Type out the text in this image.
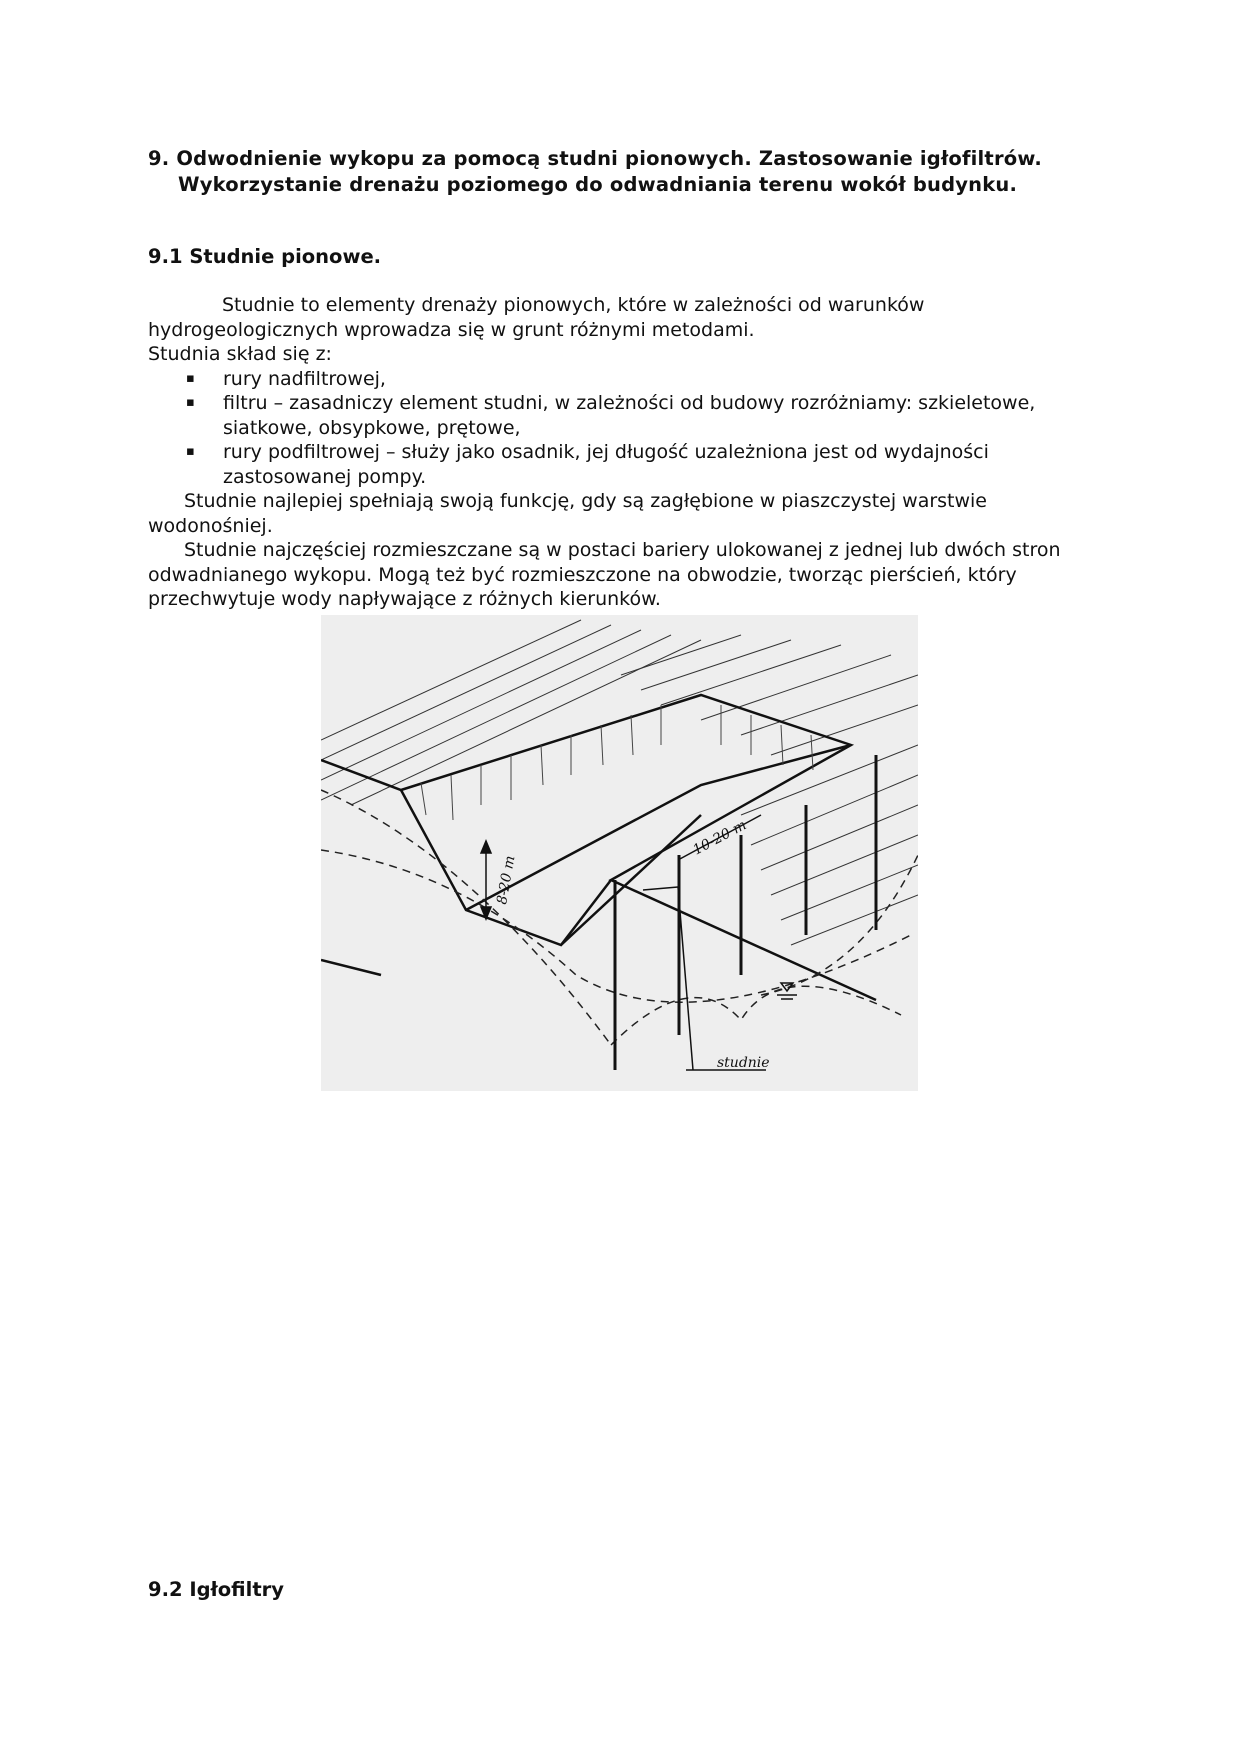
9. Odwodnienie wykopu za pomocą studni pionowych. Zastosowanie igłofiltrów.
Wykorzystanie drenażu poziomego do odwadniania terenu wokół budynku.
9.1 Studnie pionowe.

Studnie to elementy drenaży pionowych, które w zależności od warunków hydrogeologicznych wprowadza się w grunt różnymi metodami.

Studnia skład się z:

▪ rury nadfiltrowej,
▪ filtru – zasadniczy element studni, w zależności od budowy rozróżniamy: szkieletowe, siatkowe, obsypkowe, prętowe,
▪ rury podfiltrowej – służy jako osadnik, jej długość uzależniona jest od wydajności zastosowanej pompy.

Studnie najlepiej spełniają swoją funkcję, gdy są zagłębione w piaszczystej warstwie wodonośniej.

Studnie najczęściej rozmieszczane są w postaci bariery ulokowanej z jednej lub dwóch stron odwadnianego wykopu. Mogą też być rozmieszczone na obwodzie, tworząc pierścień, który przechwytuje wody napływające z różnych kierunków.

8-20 m
10-20 m
studnie
9.2 Igłofiltry
